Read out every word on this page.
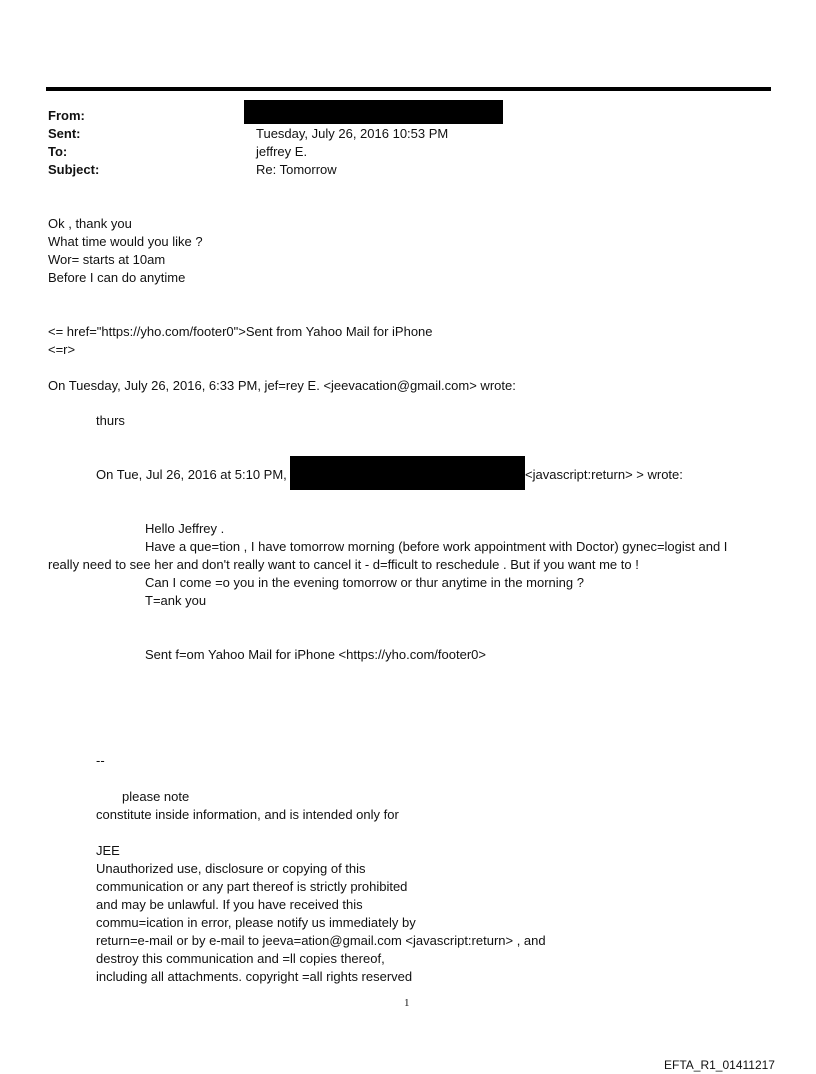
From:
Sent:	Tuesday, July 26, 2016 10:53 PM
To:	jeffrey E.
Subject:	Re: Tomorrow
Ok , thank you
What time would you like ?
Wor= starts at 10am
Before I can do anytime
<= href="https://yho.com/footer0">Sent from Yahoo Mail for iPhone
<=r>
On Tuesday, July 26, 2016, 6:33 PM, jef=rey E. <jeevacation@gmail.com> wrote:
thurs
On Tue, Jul 26, 2016 at 5:10 PM,	<javascript:return> > wrote:
Hello Jeffrey .
Have a que=tion , I have tomorrow morning (before work appointment with Doctor) gynec=logist and I
really need to see her and don't really want to cancel it - d=fficult to reschedule . But if you want me to !
Can I come =o you in the evening tomorrow or thur anytime in the morning ?
T=ank you
Sent f=om Yahoo Mail for iPhone <https://yho.com/footer0>
--
please note
constitute inside information, and is intended only for
JEE
Unauthorized use, disclosure or copying of this
communication or any part thereof is strictly prohibited
and may be unlawful. If you have received this
commu=ication in error, please notify us immediately by
return=e-mail or by e-mail to jeeva=ation@gmail.com <javascript:return> , and
destroy this communication and =ll copies thereof,
including all attachments. copyright =all rights reserved
1
EFTA_R1_01411217
